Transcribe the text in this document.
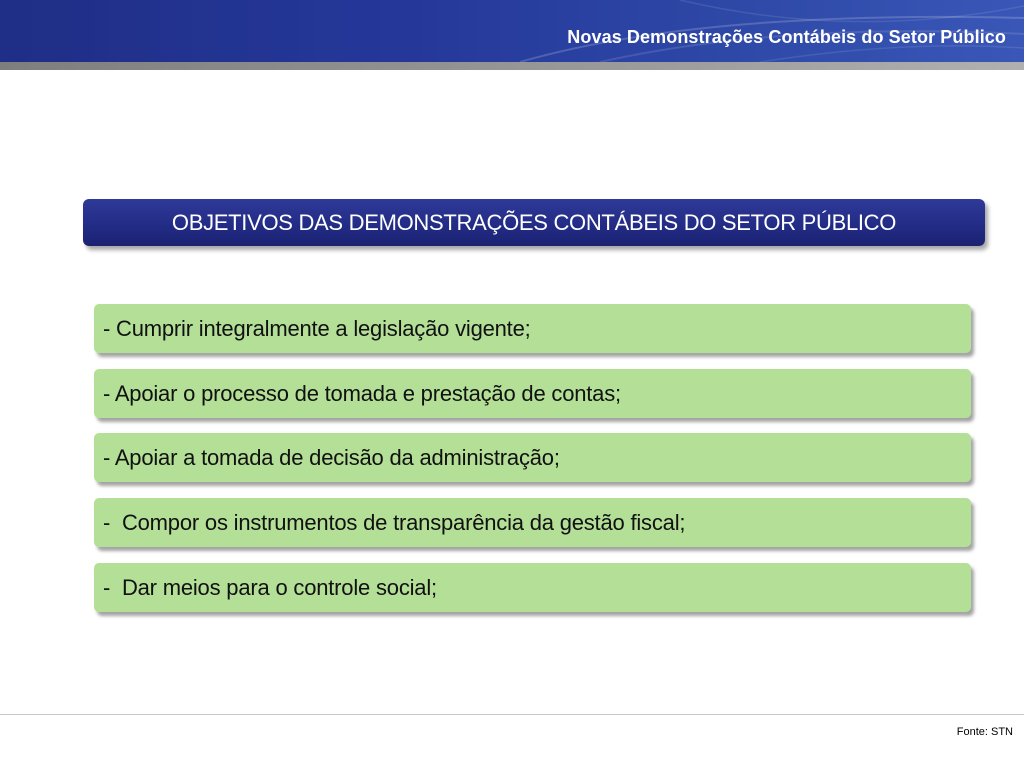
Novas Demonstrações Contábeis do Setor Público
OBJETIVOS DAS DEMONSTRAÇÕES CONTÁBEIS DO SETOR PÚBLICO
- Cumprir integralmente a legislação vigente;
- Apoiar o processo de tomada e prestação de contas;
- Apoiar a tomada de decisão da administração;
-  Compor os instrumentos de transparência da gestão fiscal;
-  Dar meios para o controle social;
Fonte: STN
